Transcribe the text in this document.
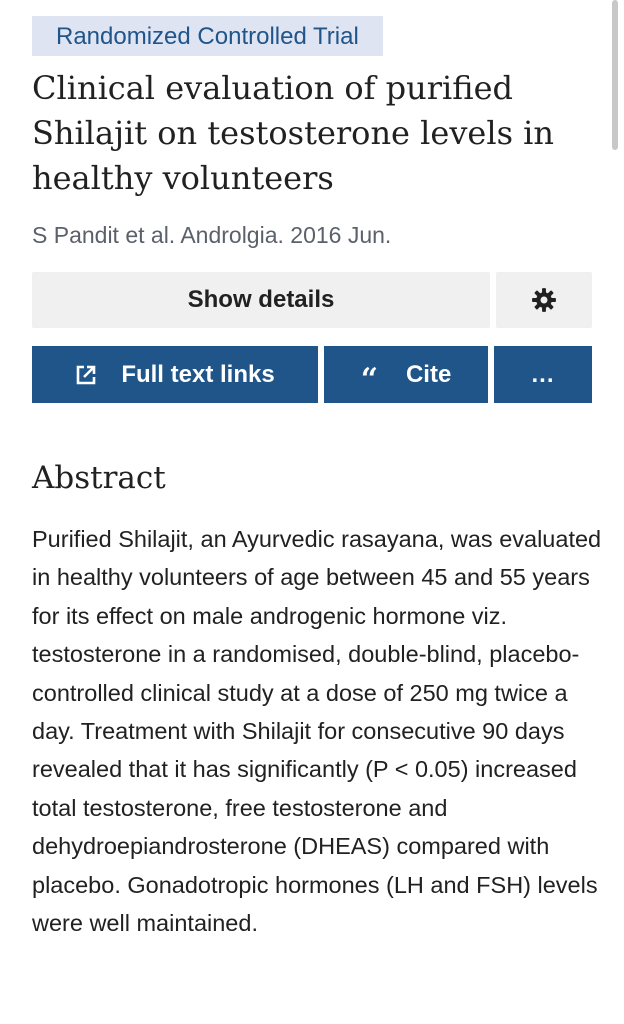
Randomized Controlled Trial
Clinical evaluation of purified Shilajit on testosterone levels in healthy volunteers
S Pandit et al. Androlgia. 2016 Jun.
Show details
Full text links	“ Cite	...
Abstract

Purified Shilajit, an Ayurvedic rasayana, was evaluated in healthy volunteers of age between 45 and 55 years for its effect on male androgenic hormone viz. testosterone in a randomised, double-blind, placebo-controlled clinical study at a dose of 250 mg twice a day. Treatment with Shilajit for consecutive 90 days revealed that it has significantly (P < 0.05) increased total testosterone, free testosterone and dehydroepiandrosterone (DHEAS) compared with placebo. Gonadotropic hormones (LH and FSH) levels were well maintained.
